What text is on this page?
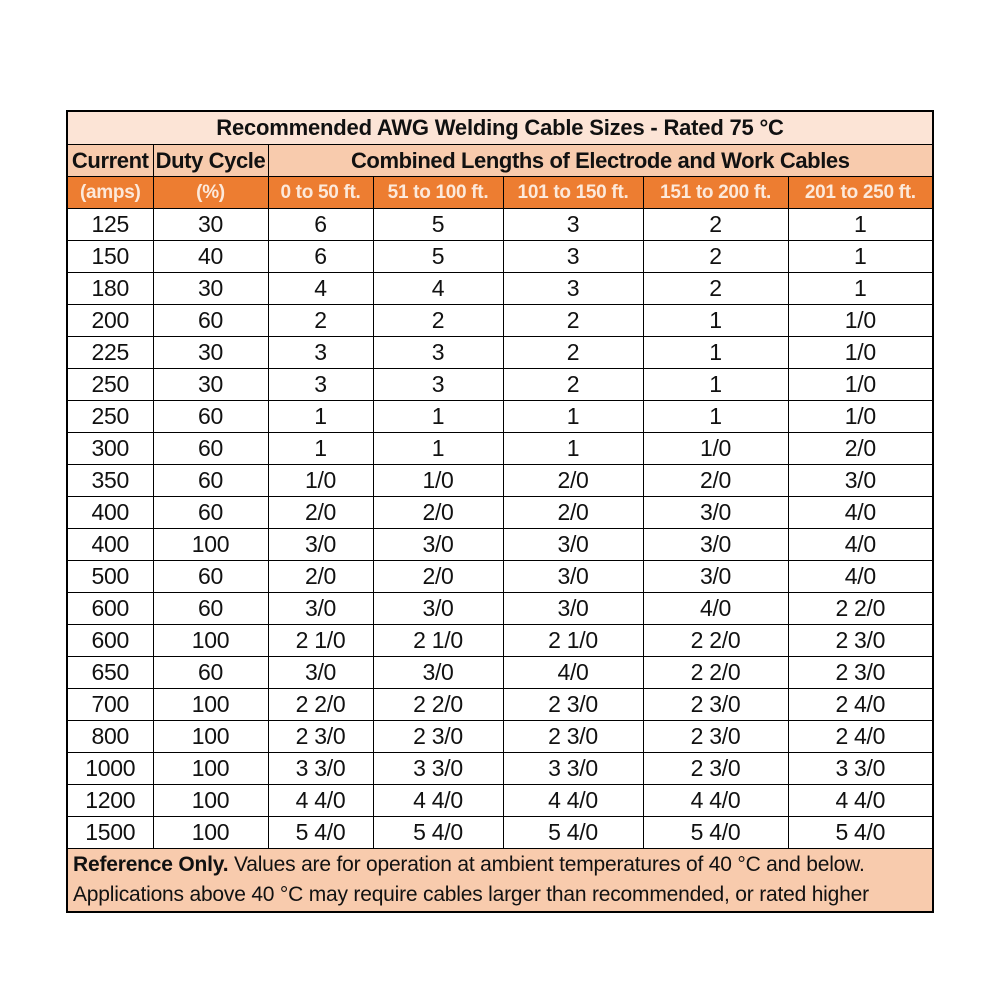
Recommended AWG Welding Cable Sizes - Rated 75 °C						
Current	Duty Cycle	Combined Lengths of Electrode and Work Cables				
(amps)	(%)	0 to 50 ft.	51 to 100 ft.	101 to 150 ft.	151 to 200 ft.	201 to 250 ft.
125	30	6	5	3	2	1
150	40	6	5	3	2	1
180	30	4	4	3	2	1
200	60	2	2	2	1	1/0
225	30	3	3	2	1	1/0
250	30	3	3	2	1	1/0
250	60	1	1	1	1	1/0
300	60	1	1	1	1/0	2/0
350	60	1/0	1/0	2/0	2/0	3/0
400	60	2/0	2/0	2/0	3/0	4/0
400	100	3/0	3/0	3/0	3/0	4/0
500	60	2/0	2/0	3/0	3/0	4/0
600	60	3/0	3/0	3/0	4/0	2 2/0
600	100	2 1/0	2 1/0	2 1/0	2 2/0	2 3/0
650	60	3/0	3/0	4/0	2 2/0	2 3/0
700	100	2 2/0	2 2/0	2 3/0	2 3/0	2 4/0
800	100	2 3/0	2 3/0	2 3/0	2 3/0	2 4/0
1000	100	3 3/0	3 3/0	3 3/0	2 3/0	3 3/0
1200	100	4 4/0	4 4/0	4 4/0	4 4/0	4 4/0
1500	100	5 4/0	5 4/0	5 4/0	5 4/0	5 4/0
Reference Only. Values are for operation at ambient temperatures of 40 °C and below. Applications above 40 °C may require cables larger than recommended, or rated higher						
